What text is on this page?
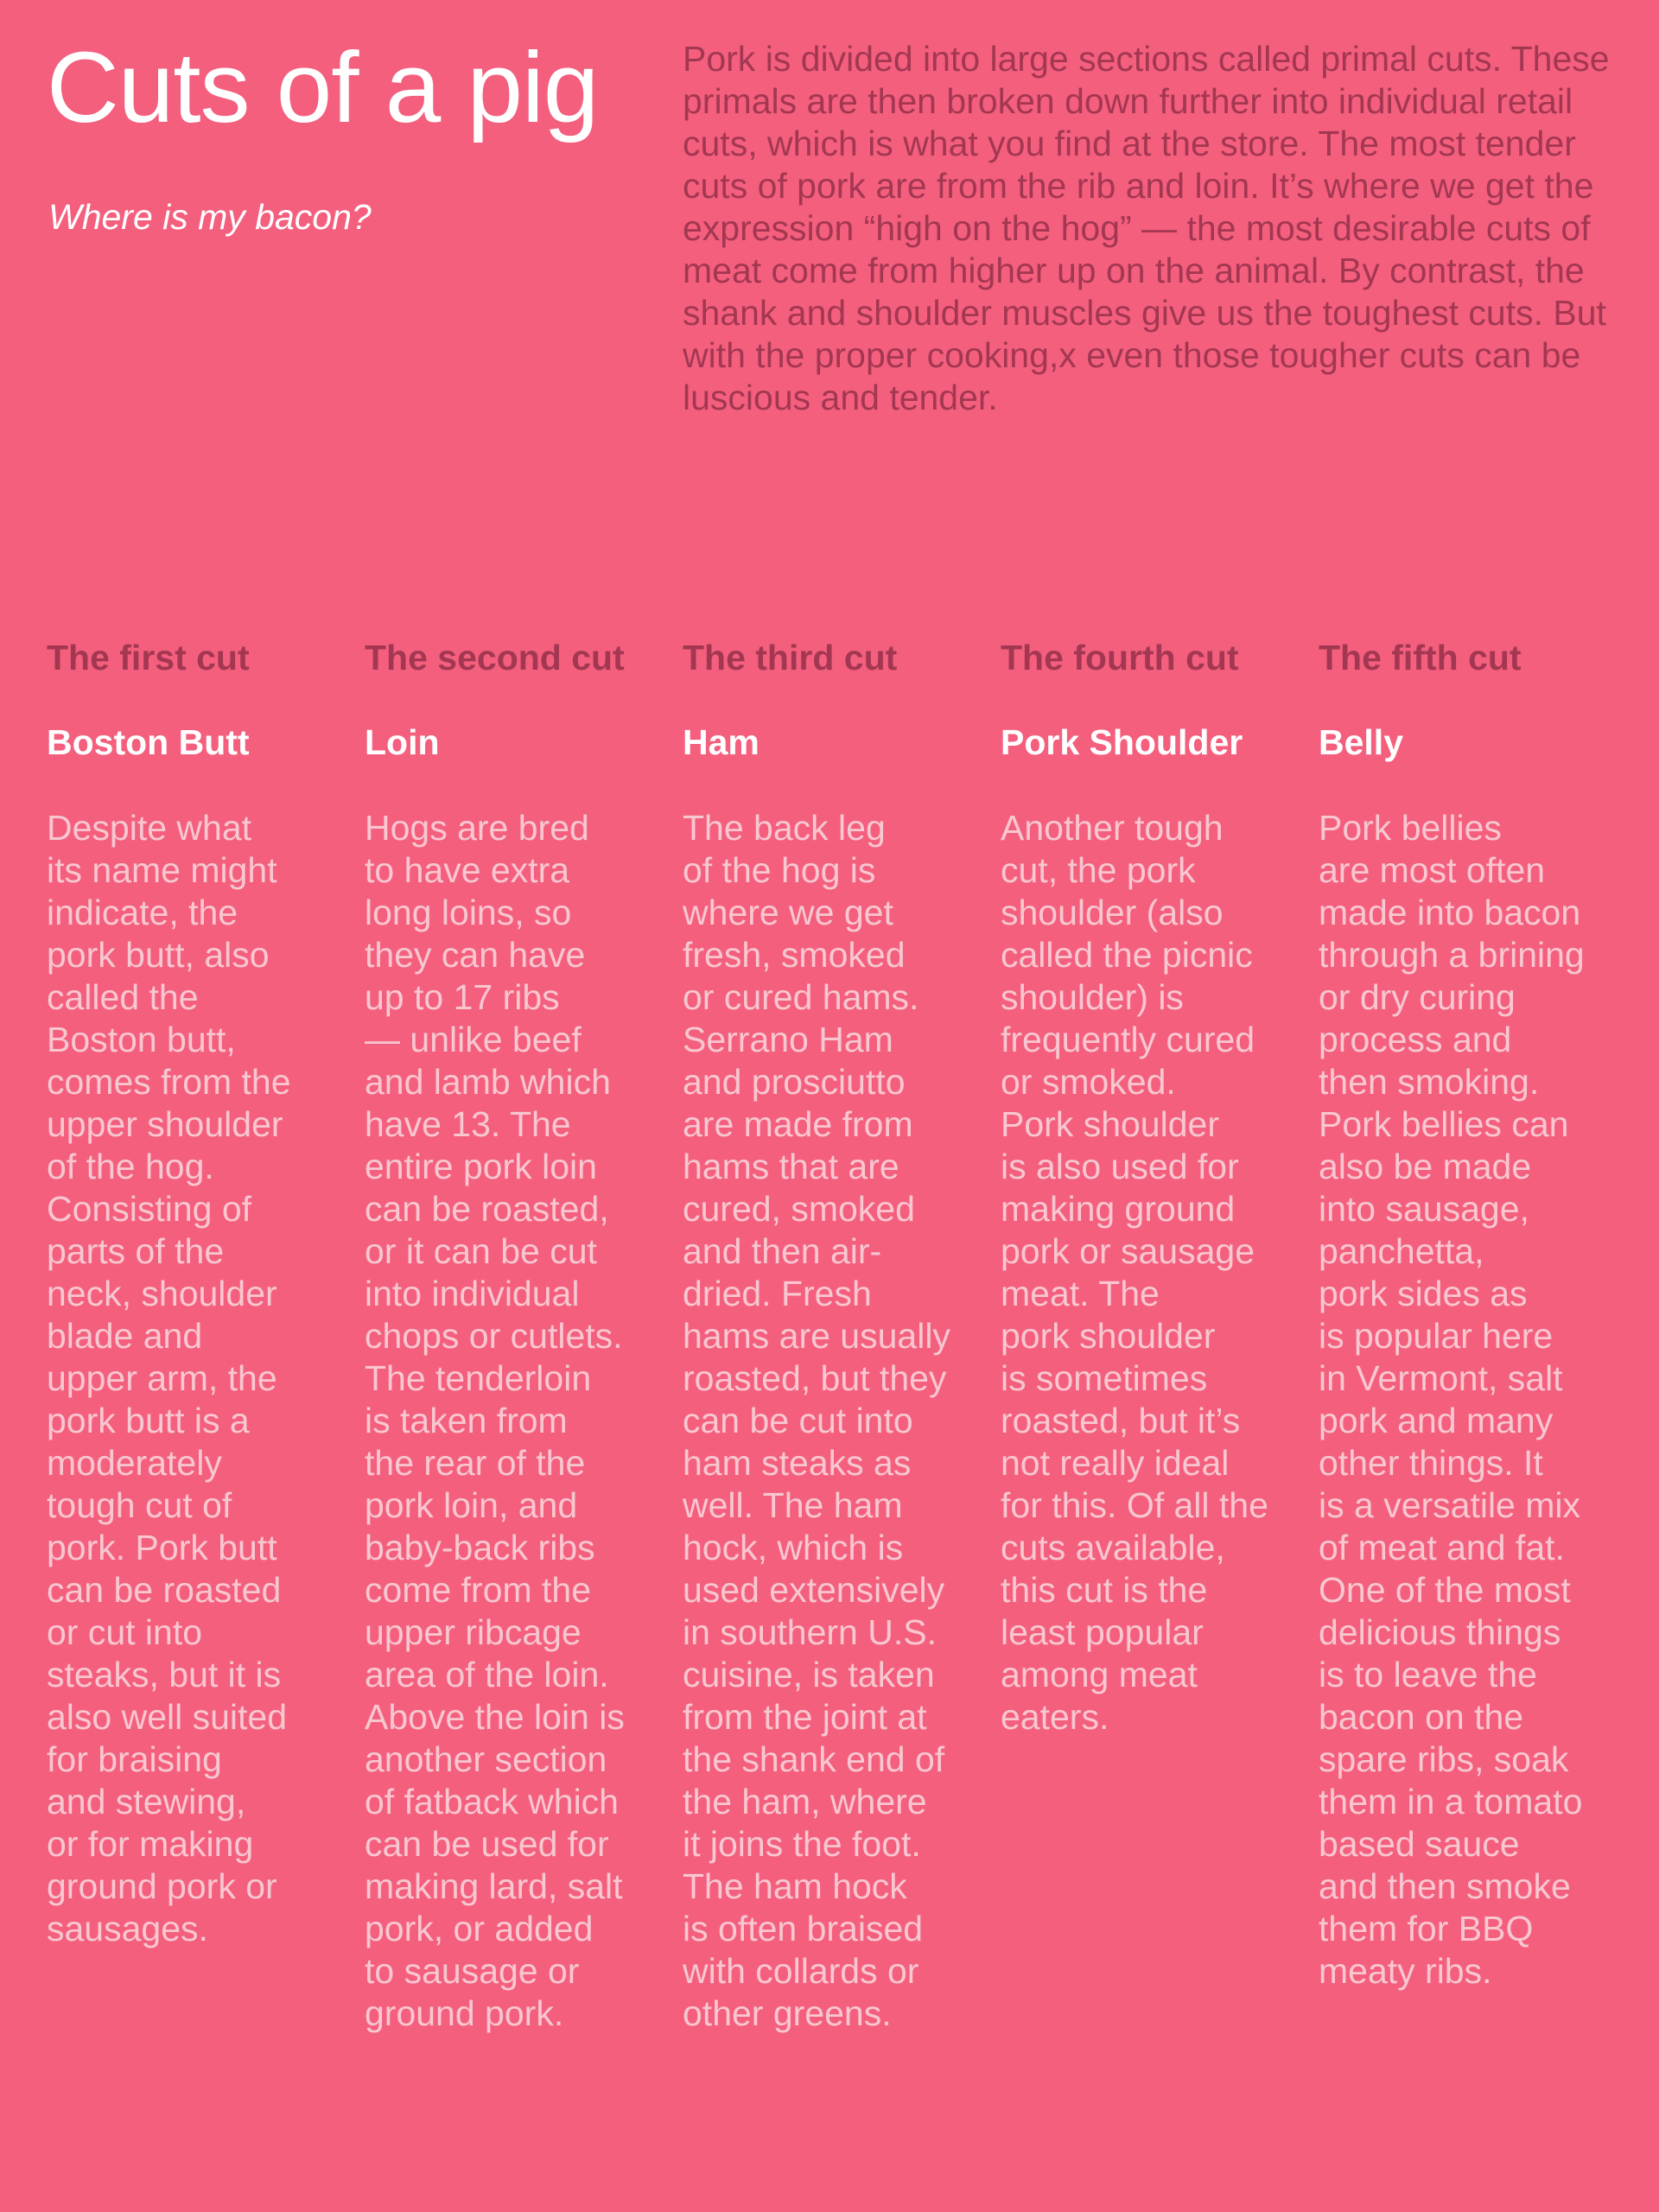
Cuts of a pig

Where is my bacon?

Pork is divided into large sections called primal cuts. These primals are then broken down further into individual retail cuts, which is what you find at the store. The most tender cuts of pork are from the rib and loin. It’s where we get the expression “high on the hog” — the most desirable cuts of meat come from higher up on the animal. By contrast, the shank and shoulder muscles give us the toughest cuts. But with the proper cooking,x even those tougher cuts can be luscious and tender.

The first cut
Boston Butt

Despite what
its name might
indicate, the
pork butt, also
called the
Boston butt,
comes from the
upper shoulder
of the hog.
Consisting of
parts of the
neck, shoulder
blade and
upper arm, the
pork butt is a
moderately
tough cut of
pork. Pork butt
can be roasted
or cut into
steaks, but it is
also well suited
for braising
and stewing,
or for making
ground pork or
sausages.

The second cut
Loin

Hogs are bred
to have extra
long loins, so
they can have
up to 17 ribs
— unlike beef
and lamb which
have 13. The
entire pork loin
can be roasted,
or it can be cut
into individual
chops or cutlets.
The tenderloin
is taken from
the rear of the
pork loin, and
baby-back ribs
come from the
upper ribcage
area of the loin.
Above the loin is
another section
of fatback which
can be used for
making lard, salt
pork, or added
to sausage or
ground pork.

The third cut
Ham

The back leg
of the hog is
where we get
fresh, smoked
or cured hams.
Serrano Ham
and prosciutto
are made from
hams that are
cured, smoked
and then air-
dried. Fresh
hams are usually
roasted, but they
can be cut into
ham steaks as
well. The ham
hock, which is
used extensively
in southern U.S.
cuisine, is taken
from the joint at
the shank end of
the ham, where
it joins the foot.
The ham hock
is often braised
with collards or
other greens.

The fourth cut
Pork Shoulder

Another tough
cut, the pork
shoulder (also
called the picnic
shoulder) is
frequently cured
or smoked.
Pork shoulder
is also used for
making ground
pork or sausage
meat. The
pork shoulder
is sometimes
roasted, but it’s
not really ideal
for this. Of all the
cuts available,
this cut is the
least popular
among meat
eaters.

The fifth cut
Belly

Pork bellies
are most often
made into bacon
through a brining
or dry curing
process and
then smoking.
Pork bellies can
also be made
into sausage,
panchetta,
pork sides as
is popular here
in Vermont, salt
pork and many
other things. It
is a versatile mix
of meat and fat.
One of the most
delicious things
is to leave the
bacon on the
spare ribs, soak
them in a tomato
based sauce
and then smoke
them for BBQ
meaty ribs.
